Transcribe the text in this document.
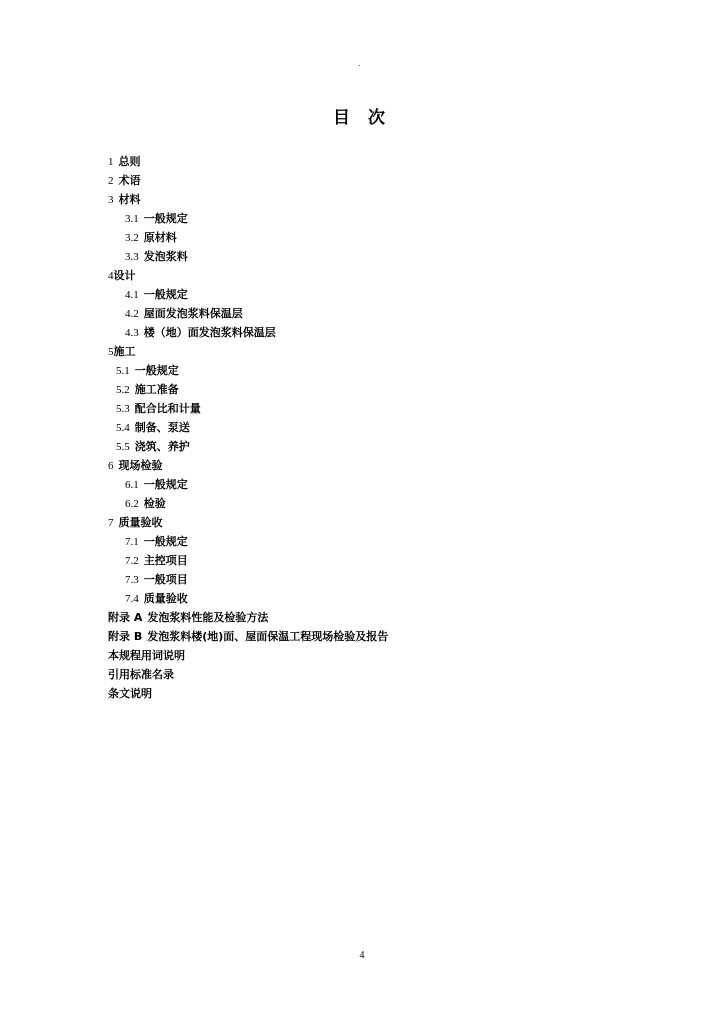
.
目 次
1 总则
2 术语
3 材料
3.1 一般规定
3.2 原材料
3.3 发泡浆料
4设计
4.1 一般规定
4.2 屋面发泡浆料保温层
4.3 楼（地）面发泡浆料保温层
5施工
5.1 一般规定
5.2 施工准备
5.3 配合比和计量
5.4 制备、泵送
5.5 浇筑、养护
6 现场检验
6.1 一般规定
6.2 检验
7 质量验收
7.1 一般规定
7.2 主控项目
7.3 一般项目
7.4 质量验收
附录 A 发泡浆料性能及检验方法
附录 B 发泡浆料楼(地)面、屋面保温工程现场检验及报告
本规程用词说明
引用标准名录
条文说明
4
